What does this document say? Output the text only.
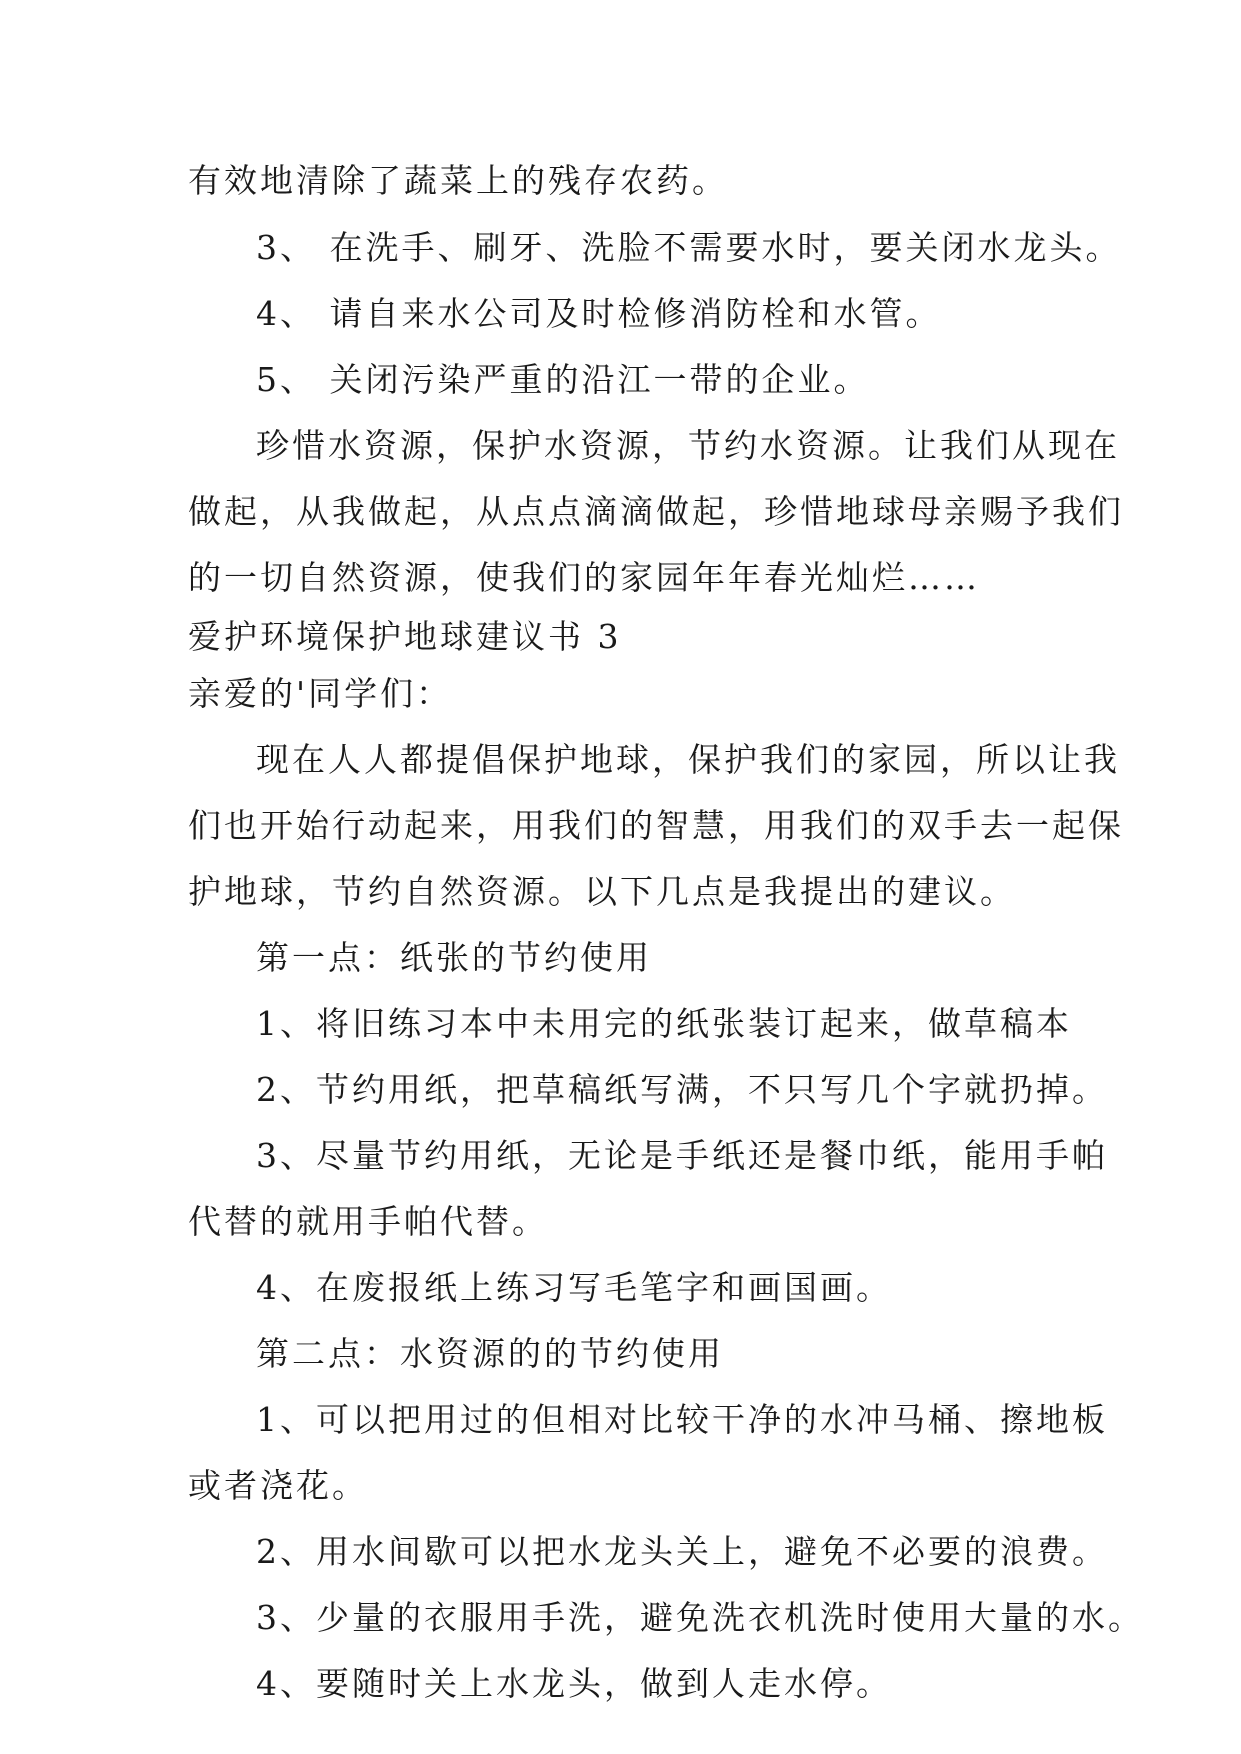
有效地清除了蔬菜上的残存农药。

3、 在洗手、刷牙、洗脸不需要水时，要关闭水龙头。

4、 请自来水公司及时检修消防栓和水管。

5、 关闭污染严重的沿江一带的企业。

珍惜水资源，保护水资源，节约水资源。让我们从现在

做起，从我做起，从点点滴滴做起，珍惜地球母亲赐予我们

的一切自然资源，使我们的家园年年春光灿烂……

爱护环境保护地球建议书 3

亲爱的'同学们：

现在人人都提倡保护地球，保护我们的家园，所以让我

们也开始行动起来，用我们的智慧，用我们的双手去一起保

护地球，节约自然资源。以下几点是我提出的建议。

第一点：纸张的节约使用

1、将旧练习本中未用完的纸张装订起来，做草稿本

2、节约用纸，把草稿纸写满，不只写几个字就扔掉。

3、尽量节约用纸，无论是手纸还是餐巾纸，能用手帕

代替的就用手帕代替。

4、在废报纸上练习写毛笔字和画国画。

第二点：水资源的的节约使用

1、可以把用过的但相对比较干净的水冲马桶、擦地板

或者浇花。

2、用水间歇可以把水龙头关上，避免不必要的浪费。

3、少量的衣服用手洗，避免洗衣机洗时使用大量的水。

4、要随时关上水龙头，做到人走水停。
